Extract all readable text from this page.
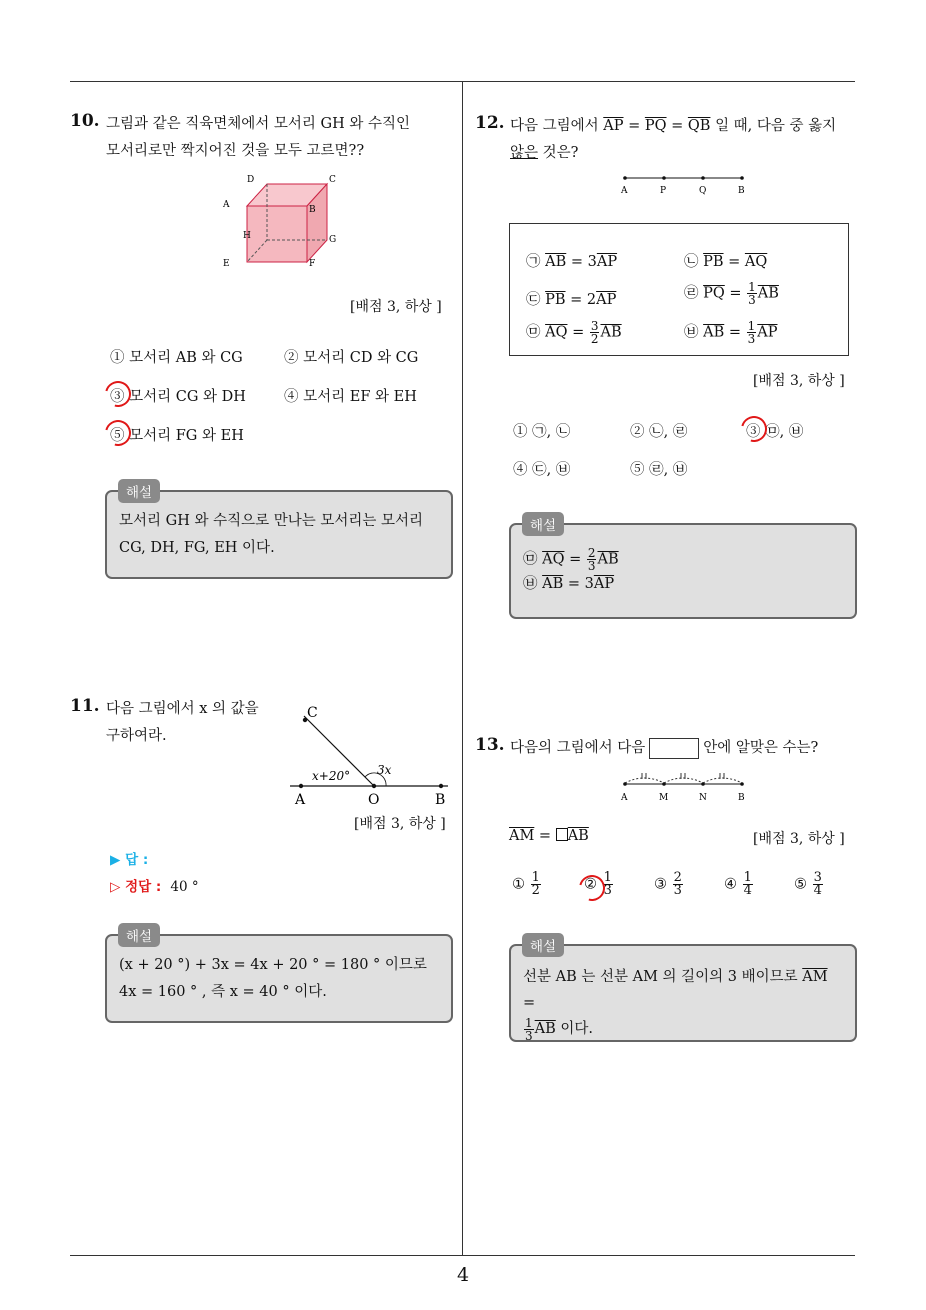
10. 그림과 같은 직육면체에서 모서리 GH 와 수직인
모서리로만 짝지어진 것을 모두 고르면??
D	C
A	B
H	G
E	F
[배점 3, 하상 ]
① 모서리 AB 와 CG	② 모서리 CD 와 CG
③ 모서리 CG 와 DH	④ 모서리 EF 와 EH
⑤ 모서리 FG 와 EH
모서리 GH 와 수직으로 만나는 모서리는 모서리
CG, DH, FG, EH 이다.
해설
11. 다음 그림에서 x 의 값을
구하여라.
C
x+20° 3x
A	O	B
[배점 3, 하상 ]
▶ 답 :
▷ 정답 : 40 °
(x + 20 °) + 3x = 4x + 20 ° = 180 ° 이므로
4x = 160 ° , 즉 x = 40 ° 이다.
해설
12. 다음 그림에서 $\overline{AP} = \overline{PQ} = \overline{QB}$ 일 때, 다음 중 옳지
않은 것은?
A	P	Q	B
㉠ $\overline{AB} = 3\overline{AP}$	㉡ $\overline{PB} = \overline{AQ}$
㉢ $\overline{PB} = 2\overline{AP}$	㉣ $\overline{PQ} = \frac{1}{3} \overline{AB}$
㉤ $\overline{AQ} = \frac{3}{2} \overline{AB}$	㉥ $\overline{AB} = \frac{1}{3} \overline{AP}$
[배점 3, 하상 ]
① ㉠, ㉡	② ㉡, ㉣	③ ㉤, ㉥
④ ㉢, ㉥	⑤ ㉣, ㉥
㉤ $\overline{AQ} = \frac{2}{3} \overline{AB}$
㉥ $\overline{AB} = 3\overline{AP}$
해설
13. 다음의 그림에서 다음	안에 알맞은 수는?
A	M	N	B
$\overline{AM} = \overline{AB}$	[배점 3, 하상 ]
① $\frac{1}{2}$	② $\frac{1}{3}$	③ $\frac{2}{3}$	④ $\frac{1}{4}$	⑤ $\frac{3}{4}$
선분 AB 는 선분 AM 의 길이의 3 배이므로 $\overline{AM}$ =
$\frac{1}{3} \overline{AB}$ 이다.
해설
4
